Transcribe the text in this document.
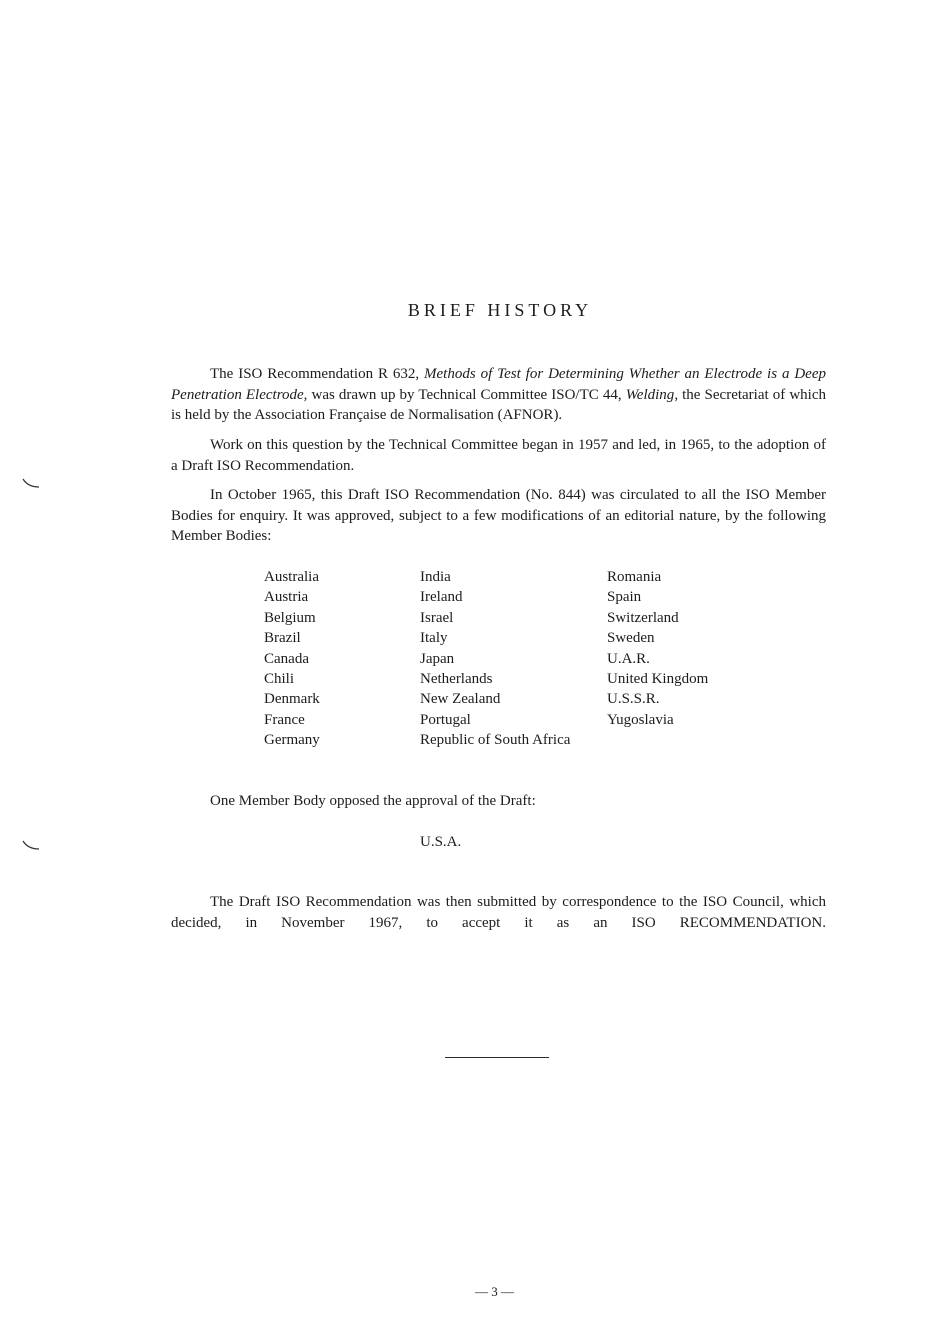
BRIEF HISTORY

The ISO Recommendation R 632, Methods of Test for Determining Whether an Electrode is a Deep Penetration Electrode, was drawn up by Technical Committee ISO/TC 44, Welding, the Secretariat of which is held by the Association Française de Normalisation (AFNOR).

Work on this question by the Technical Committee began in 1957 and led, in 1965, to the adoption of a Draft ISO Recommendation.

In October 1965, this Draft ISO Recommendation (No. 844) was circulated to all the ISO Member Bodies for enquiry. It was approved, subject to a few modifications of an editorial nature, by the following Member Bodies:

Australia
Austria
Belgium
Brazil
Canada
Chili
Denmark
France
Germany
India
Ireland
Israel
Italy
Japan
Netherlands
New Zealand
Portugal
Republic of South Africa
Romania
Spain
Switzerland
Sweden
U.A.R.
United Kingdom
U.S.S.R.
Yugoslavia

One Member Body opposed the approval of the Draft:

U.S.A.

The Draft ISO Recommendation was then submitted by correspondence to the ISO Council, which decided, in November 1967, to accept it as an ISO RECOMMENDATION.

— 3 —
